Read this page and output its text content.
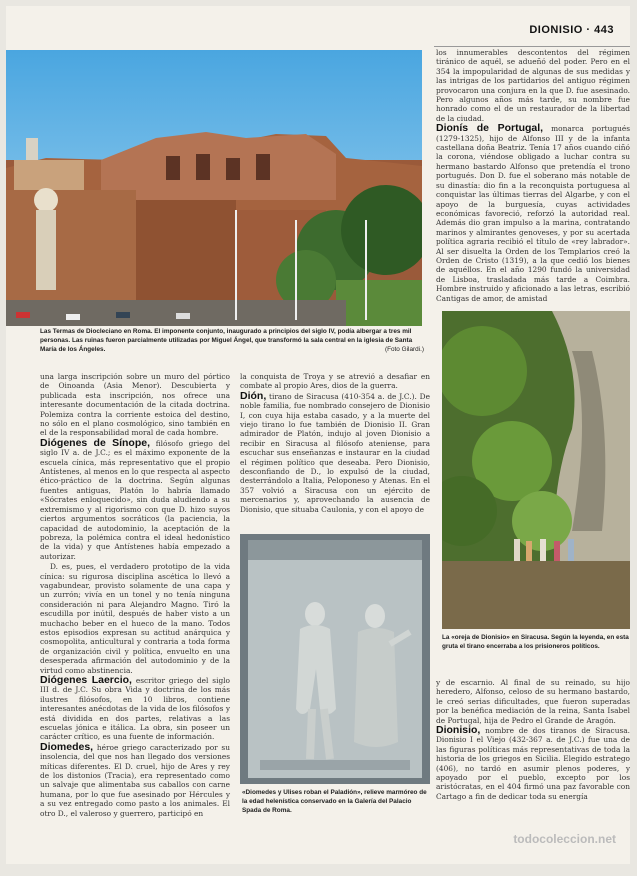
DIONISIO · 443
Las Termas de Diocleciano en Roma. El imponente conjunto, inaugurado a principios del siglo IV, podía albergar a tres mil personas. Las ruinas fueron parcialmente utilizadas por Miguel Ángel, que transformó la sala central en la iglesia de Santa María de los Ángeles.	(Foto Gilardi.)

una larga inscripción sobre un muro del pórtico de Oinoanda (Asia Menor). Descubierta y publicada esta inscripción, nos ofrece una interesante documentación de la citada doctrina. Polemiza contra la corriente estoica del destino, no sólo en el plano cosmológico, sino también en el de la responsabilidad moral de cada hombre.

Diógenes de Sínope, filósofo griego del siglo IV a. de J.C.; es el máximo exponente de la escuela cínica, más representativo que el propio Antístenes, al menos en lo que respecta al aspecto ético-práctico de la doctrina. Según algunas fuentes antiguas, Platón lo habría llamado «Sócrates enloquecido», sin duda aludiendo a su extremismo y al rigorismo con que D. hizo suyos ciertos argumentos socráticos (la paciencia, la capacidad de autodominio, la aceptación de la pobreza, la polémica contra el ideal hedonístico de la vida) y que Antístenes había empezado a autorizar.

D. es, pues, el verdadero prototipo de la vida cínica: su rigurosa disciplina ascética lo llevó a vagabundear, provisto solamente de una capa y un zurrón; vivía en un tonel y no tenía ninguna consideración ni para Alejandro Magno. Tiró la escudilla por inútil, después de haber visto a un muchacho beber en el hueco de la mano. Todos estos episodios expresan su actitud anárquica y cosmopolita, anticultural y contraria a toda forma de organización civil y política, envuelto en una desesperada afirmación del autodominio y de la virtud como abstinencia.

Diógenes Laercio, escritor griego del siglo III d. de J.C. Su obra Vida y doctrina de los más ilustres filósofos, en 10 libros, contiene interesantes anécdotas de la vida de los filósofos y está dividida en dos partes, relativas a las escuelas jónica e itálica. La obra, sin poseer un carácter crítico, es una fuente de información.

Diomedes, héroe griego caracterizado por su insolencia, del que nos han llegado dos versiones míticas diferentes. El D. cruel, hijo de Ares y rey de los distonios (Tracia), era representado como un salvaje que alimentaba sus caballos con carne humana, por lo que fue asesinado por Hércules y a su vez entregado como pasto a los animales. El otro D., el valeroso y guerrero, participó en

la conquista de Troya y se atrevió a desafiar en combate al propio Ares, dios de la guerra.

Dión, tirano de Siracusa (410-354 a. de J.C.). De noble familia, fue nombrado consejero de Dionisio I, con cuya hija estaba casado, y a la muerte del viejo tirano lo fue también de Dionisio II. Gran admirador de Platón, indujo al joven Dionisio a recibir en Siracusa al filósofo ateniense, para escuchar sus enseñanzas e instaurar en la ciudad el régimen político que deseaba. Pero Dionisio, desconfiando de D., lo expulsó de la ciudad, desterrándolo a Italia, Peloponeso y Atenas. En el 357 volvió a Siracusa con un ejército de mercenarios y, aprovechando la ausencia de Dionisio, que situaba Caulonia, y con el apoyo de

«Diomedes y Ulises roban el Paladión», relieve marmóreo de la edad helenística conservado en la Galería del Palacio Spada de Roma.

los innumerables descontentos del régimen tiránico de aquél, se adueñó del poder. Pero en el 354 la impopularidad de algunas de sus medidas y las intrigas de los partidarios del antiguo régimen provocaron una conjura en la que D. fue asesinado. Pero algunos años más tarde, su nombre fue honrado como el de un restaurador de la libertad de la ciudad.

Dionís de Portugal, monarca portugués (1279-1325), hijo de Alfonso III y de la infanta castellana doña Beatriz. Tenía 17 años cuando ciñó la corona, viéndose obligado a luchar contra su hermano bastardo Alfonso que pretendía el trono portugués. Don D. fue el soberano más notable de su dinastía: dio fin a la reconquista portuguesa al conquistar las últimas tierras del Algarbe, y con el apoyo de la burguesía, cuyas actividades económicas favoreció, reforzó la autoridad real. Además dio gran impulso a la marina, contratando marinos y almirantes genoveses, y por su acertada política agraria recibió el título de «rey labrador». Al ser disuelta la Orden de los Templarios creó la Orden de Cristo (1319), a la que cedió los bienes de aquéllos. En el año 1290 fundó la universidad de Lisboa, trasladada más tarde a Coimbra. Hombre instruido y aficionado a las letras, escribió Cantigas de amor, de amistad

La «oreja de Dionisio» en Siracusa. Según la leyenda, en esta gruta el tirano encerraba a los prisioneros políticos.

y de escarnio. Al final de su reinado, su hijo heredero, Alfonso, celoso de su hermano bastardo, le creó serias dificultades, que fueron superadas por la benéfica mediación de la reina, Santa Isabel de Portugal, hija de Pedro el Grande de Aragón.

Dionisio, nombre de dos tiranos de Siracusa. Dionisio I el Viejo (432-367 a. de J.C.) fue una de las figuras políticas más representativas de toda la historia de los griegos en Sicilia. Elegido estratego (406), no tardó en asumir plenos poderes, y apoyado por el pueblo, excepto por los aristócratas, en el 404 firmó una paz favorable con Cartago a fin de dedicar toda su energía

todocoleccion.net
